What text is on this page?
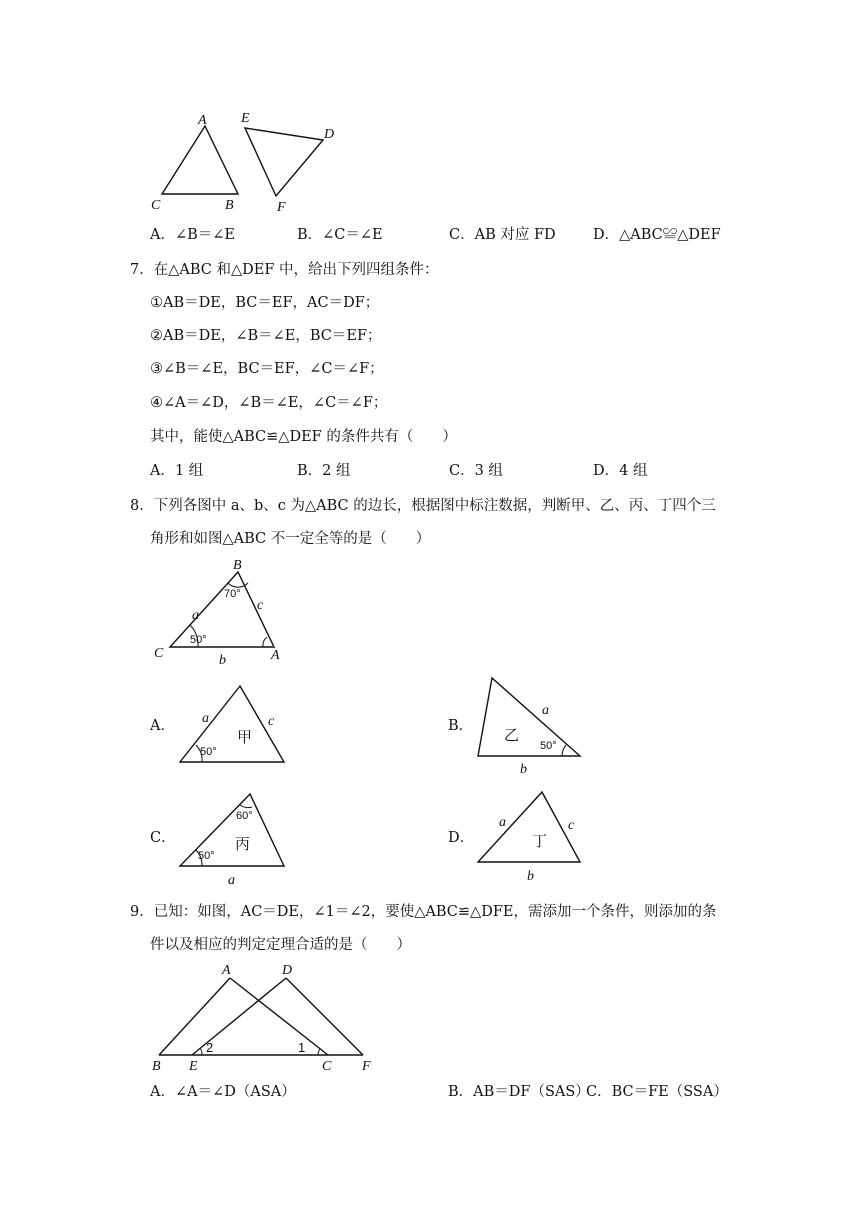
A
C	B
E
D
F
A．∠B＝∠E	B．∠C＝∠E	C．AB 对应 FD	D．△ABC≌△DEF
7．在△ABC 和△DEF 中，给出下列四组条件：
①AB＝DE，BC＝EF，AC＝DF；
②AB＝DE，∠B＝∠E，BC＝EF；
③∠B＝∠E，BC＝EF，∠C＝∠F；
④∠A＝∠D，∠B＝∠E，∠C＝∠F；
其中，能使△ABC≌△DEF 的条件共有（　　）
A．1 组	B．2 组	C．3 组	D．4 组
8．下列各图中 a、b、c 为△ABC 的边长，根据图中标注数据，判断甲、乙、丙、丁四个三
角形和如图△ABC 不一定全等的是（　　）
B
C	A
a
c
b
70°
50°
A． a	c
50°
甲
B．
a
b
50°
乙
C．
60°
50°
丙
a
D．
a	c
b
丁
9．已知：如图，AC＝DE，∠1＝∠2，要使△ABC≌△DFE，需添加一个条件，则添加的条
件以及相应的判定定理合适的是（　　）
A	D
B E	C F
2	1
A．∠A＝∠D（ASA）	B．AB＝DF（SAS）
C．BC＝FE（SSA）
